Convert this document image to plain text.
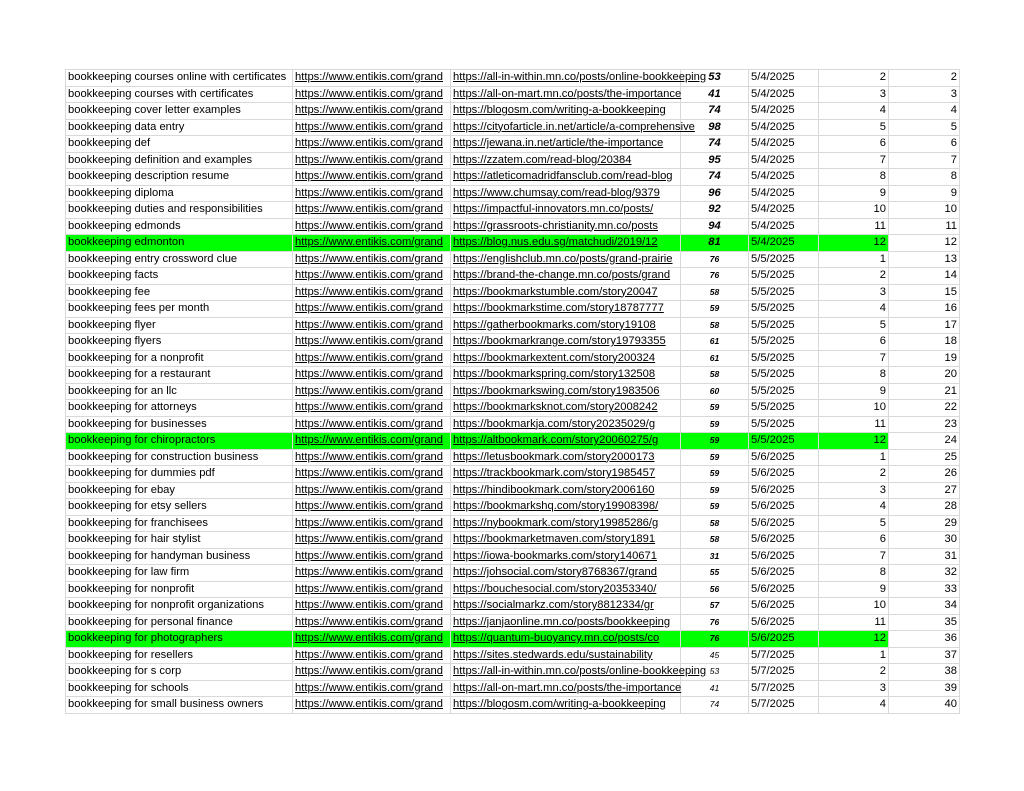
bookkeeping courses online with certificates	https://www.entikis.com/grand	https://all-in-within.mn.co/posts/online-bookkeeping	53	5/4/2025	2	2
bookkeeping courses with certificates	https://www.entikis.com/grand	https://all-on-mart.mn.co/posts/the-importance	41	5/4/2025	3	3
bookkeeping cover letter examples	https://www.entikis.com/grand	https://blogosm.com/writing-a-bookkeeping	74	5/4/2025	4	4
bookkeeping data entry	https://www.entikis.com/grand	https://cityofarticle.in.net/article/a-comprehensive	98	5/4/2025	5	5
bookkeeping def	https://www.entikis.com/grand	https://jewana.in.net/article/the-importance	74	5/4/2025	6	6
bookkeeping definition and examples	https://www.entikis.com/grand	https://zzatem.com/read-blog/20384	95	5/4/2025	7	7
bookkeeping description resume	https://www.entikis.com/grand	https://atleticomadridfansclub.com/read-blog	74	5/4/2025	8	8
bookkeeping diploma	https://www.entikis.com/grand	https://www.chumsay.com/read-blog/9379	96	5/4/2025	9	9
bookkeeping duties and responsibilities	https://www.entikis.com/grand	https://impactful-innovators.mn.co/posts/	92	5/4/2025	10	10
bookkeeping edmonds	https://www.entikis.com/grand	https://grassroots-christianity.mn.co/posts	94	5/4/2025	11	11
bookkeeping edmonton	https://www.entikis.com/grand	https://blog.nus.edu.sg/matchudi/2019/12	81	5/4/2025	12	12
bookkeeping entry crossword clue	https://www.entikis.com/grand	https://englishclub.mn.co/posts/grand-prairie	76	5/5/2025	1	13
bookkeeping facts	https://www.entikis.com/grand	https://brand-the-change.mn.co/posts/grand	76	5/5/2025	2	14
bookkeeping fee	https://www.entikis.com/grand	https://bookmarkstumble.com/story20047	58	5/5/2025	3	15
bookkeeping fees per month	https://www.entikis.com/grand	https://bookmarkstime.com/story18787777	59	5/5/2025	4	16
bookkeeping flyer	https://www.entikis.com/grand	https://gatherbookmarks.com/story19108	58	5/5/2025	5	17
bookkeeping flyers	https://www.entikis.com/grand	https://bookmarkrange.com/story19793355	61	5/5/2025	6	18
bookkeeping for a nonprofit	https://www.entikis.com/grand	https://bookmarkextent.com/story200324	61	5/5/2025	7	19
bookkeeping for a restaurant	https://www.entikis.com/grand	https://bookmarkspring.com/story132508	58	5/5/2025	8	20
bookkeeping for an llc	https://www.entikis.com/grand	https://bookmarkswing.com/story1983506	60	5/5/2025	9	21
bookkeeping for attorneys	https://www.entikis.com/grand	https://bookmarksknot.com/story2008242	59	5/5/2025	10	22
bookkeeping for businesses	https://www.entikis.com/grand	https://bookmarkja.com/story20235029/g	59	5/5/2025	11	23
bookkeeping for chiropractors	https://www.entikis.com/grand	https://altbookmark.com/story20060275/g	59	5/5/2025	12	24
bookkeeping for construction business	https://www.entikis.com/grand	https://letusbookmark.com/story2000173	59	5/6/2025	1	25
bookkeeping for dummies pdf	https://www.entikis.com/grand	https://trackbookmark.com/story1985457	59	5/6/2025	2	26
bookkeeping for ebay	https://www.entikis.com/grand	https://hindibookmark.com/story2006160	59	5/6/2025	3	27
bookkeeping for etsy sellers	https://www.entikis.com/grand	https://bookmarkshq.com/story19908398/	59	5/6/2025	4	28
bookkeeping for franchisees	https://www.entikis.com/grand	https://nybookmark.com/story19985286/g	58	5/6/2025	5	29
bookkeeping for hair stylist	https://www.entikis.com/grand	https://bookmarketmaven.com/story1891	58	5/6/2025	6	30
bookkeeping for handyman business	https://www.entikis.com/grand	https://iowa-bookmarks.com/story140671	31	5/6/2025	7	31
bookkeeping for law firm	https://www.entikis.com/grand	https://johsocial.com/story8768367/grand	55	5/6/2025	8	32
bookkeeping for nonprofit	https://www.entikis.com/grand	https://bouchesocial.com/story20353340/	56	5/6/2025	9	33
bookkeeping for nonprofit organizations	https://www.entikis.com/grand	https://socialmarkz.com/story8812334/gr	57	5/6/2025	10	34
bookkeeping for personal finance	https://www.entikis.com/grand	https://janjaonline.mn.co/posts/bookkeeping	76	5/6/2025	11	35
bookkeeping for photographers	https://www.entikis.com/grand	https://quantum-buoyancy.mn.co/posts/co	76	5/6/2025	12	36
bookkeeping for resellers	https://www.entikis.com/grand	https://sites.stedwards.edu/sustainability	45	5/7/2025	1	37
bookkeeping for s corp	https://www.entikis.com/grand	https://all-in-within.mn.co/posts/online-bookkeeping	53	5/7/2025	2	38
bookkeeping for schools	https://www.entikis.com/grand	https://all-on-mart.mn.co/posts/the-importance	41	5/7/2025	3	39
bookkeeping for small business owners	https://www.entikis.com/grand	https://blogosm.com/writing-a-bookkeeping	74	5/7/2025	4	40
